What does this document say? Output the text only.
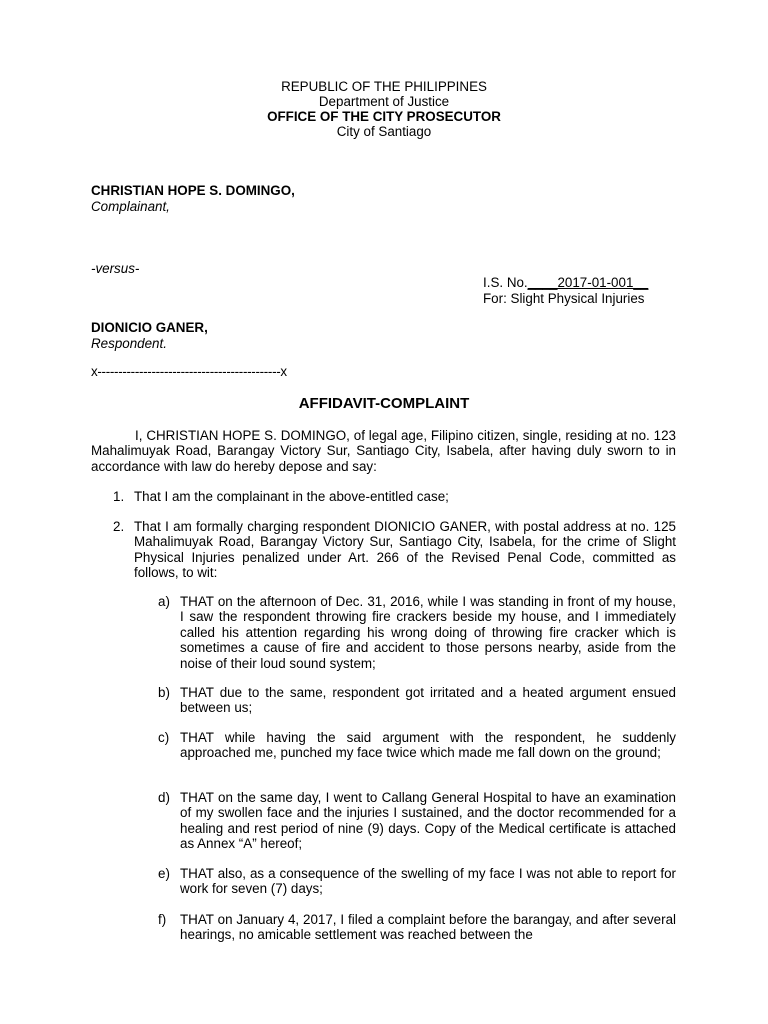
REPUBLIC OF THE PHILIPPINES
Department of Justice
OFFICE OF THE CITY PROSECUTOR
City of Santiago
CHRISTIAN HOPE S. DOMINGO,
Complainant,
-versus-
I.S. No.____2017-01-001__
For: Slight Physical Injuries
DIONICIO GANER,
Respondent.
x--------------------------------------------x
AFFIDAVIT-COMPLAINT
I, CHRISTIAN HOPE S. DOMINGO, of legal age, Filipino citizen, single, residing at no. 123 Mahalimuyak Road, Barangay Victory Sur, Santiago City, Isabela, after having duly sworn to in accordance with law do hereby depose and say:
1. That I am the complainant in the above-entitled case;
2. That I am formally charging respondent DIONICIO GANER, with postal address at no. 125 Mahalimuyak Road, Barangay Victory Sur, Santiago City, Isabela, for the crime of Slight Physical Injuries penalized under Art. 266 of the Revised Penal Code, committed as follows, to wit:
a) THAT on the afternoon of Dec. 31, 2016, while I was standing in front of my house, I saw the respondent throwing fire crackers beside my house, and I immediately called his attention regarding his wrong doing of throwing fire cracker which is sometimes a cause of fire and accident to those persons nearby, aside from the noise of their loud sound system;
b) THAT due to the same, respondent got irritated and a heated argument ensued between us;
c) THAT while having the said argument with the respondent, he suddenly approached me, punched my face twice which made me fall down on the ground;
d) THAT on the same day, I went to Callang General Hospital to have an examination of my swollen face and the injuries I sustained, and the doctor recommended for a healing and rest period of nine (9) days. Copy of the Medical certificate is attached as Annex “A” hereof;
e) THAT also, as a consequence of the swelling of my face I was not able to report for work for seven (7) days;
f) THAT on January 4, 2017, I filed a complaint before the barangay, and after several hearings, no amicable settlement was reached between the
